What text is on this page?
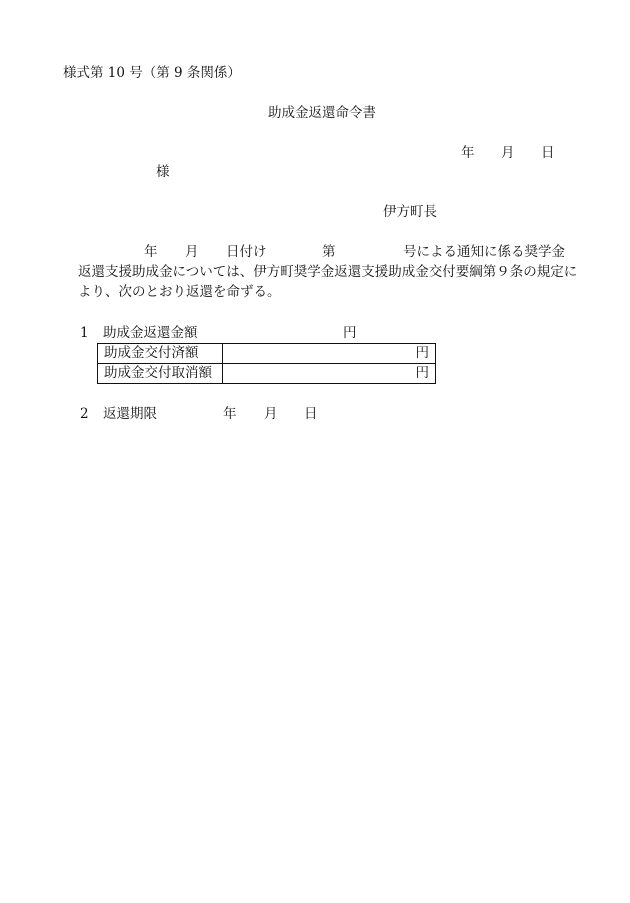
様式第 10 号（第 9 条関係）
助成金返還命令書
年 月 日
様
伊方町長
年 月 日付け	第	号による通知に係る奨学金
返還支援助成金については、伊方町奨学金返還支援助成金交付要綱第９条の規定に
より、次のとおり返還を命ずる。
1 助成金返還金額	円
助成金交付済額	円
助成金交付取消額	円
2 返還期限	年 月 日
